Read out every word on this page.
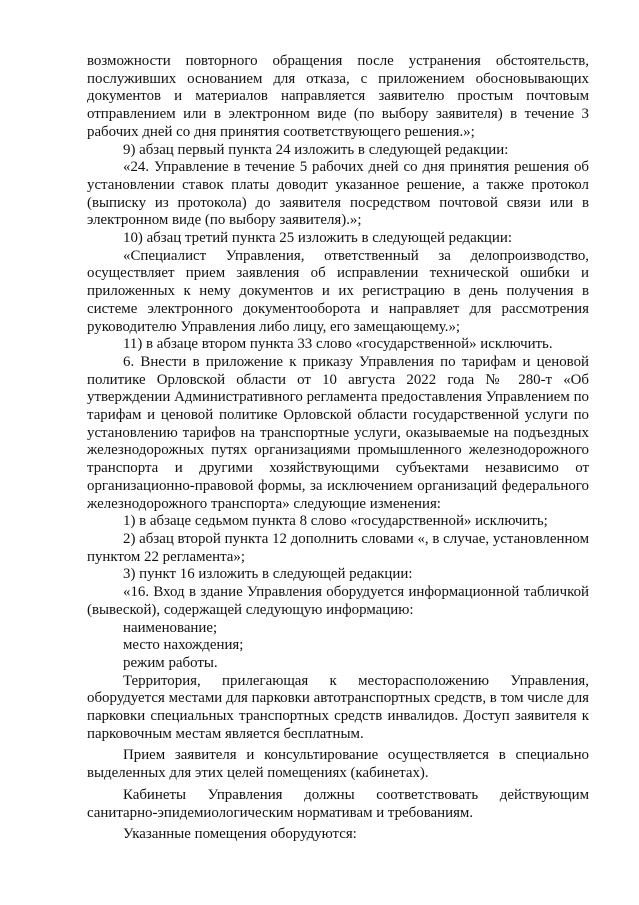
возможности повторного обращения после устранения обстоятельств, послуживших основанием для отказа, с приложением обосновывающих документов и материалов направляется заявителю простым почтовым отправлением или в электронном виде (по выбору заявителя) в течение 3 рабочих дней со дня принятия соответствующего решения.»;

9) абзац первый пункта 24 изложить в следующей редакции:

«24. Управление в течение 5 рабочих дней со дня принятия решения об установлении ставок платы доводит указанное решение, а также протокол (выписку из протокола) до заявителя посредством почтовой связи или в электронном виде (по выбору заявителя).»;

10) абзац третий пункта 25 изложить в следующей редакции:

«Специалист Управления, ответственный за делопроизводство, осуществляет прием заявления об исправлении технической ошибки и приложенных к нему документов и их регистрацию в день получения в системе электронного документооборота и направляет для рассмотрения руководителю Управления либо лицу, его замещающему.»;

11) в абзаце втором пункта 33 слово «государственной» исключить.

6. Внести в приложение к приказу Управления по тарифам и ценовой политике Орловской области от 10 августа 2022 года № 280-т «Об утверждении Административного регламента предоставления Управлением по тарифам и ценовой политике Орловской области государственной услуги по установлению тарифов на транспортные услуги, оказываемые на подъездных железнодорожных путях организациями промышленного железнодорожного транспорта и другими хозяйствующими субъектами независимо от организационно-правовой формы, за исключением организаций федерального железнодорожного транспорта» следующие изменения:

1) в абзаце седьмом пункта 8 слово «государственной» исключить;

2) абзац второй пункта 12 дополнить словами «, в случае, установленном пунктом 22 регламента»;

3) пункт 16 изложить в следующей редакции:

«16. Вход в здание Управления оборудуется информационной табличкой (вывеской), содержащей следующую информацию:

наименование;

место нахождения;

режим работы.

Территория, прилегающая к месторасположению Управления, оборудуется местами для парковки автотранспортных средств, в том числе для парковки специальных транспортных средств инвалидов. Доступ заявителя к парковочным местам является бесплатным.

Прием заявителя и консультирование осуществляется в специально выделенных для этих целей помещениях (кабинетах).

Кабинеты Управления должны соответствовать действующим санитарно-эпидемиологическим нормативам и требованиям.

Указанные помещения оборудуются:
